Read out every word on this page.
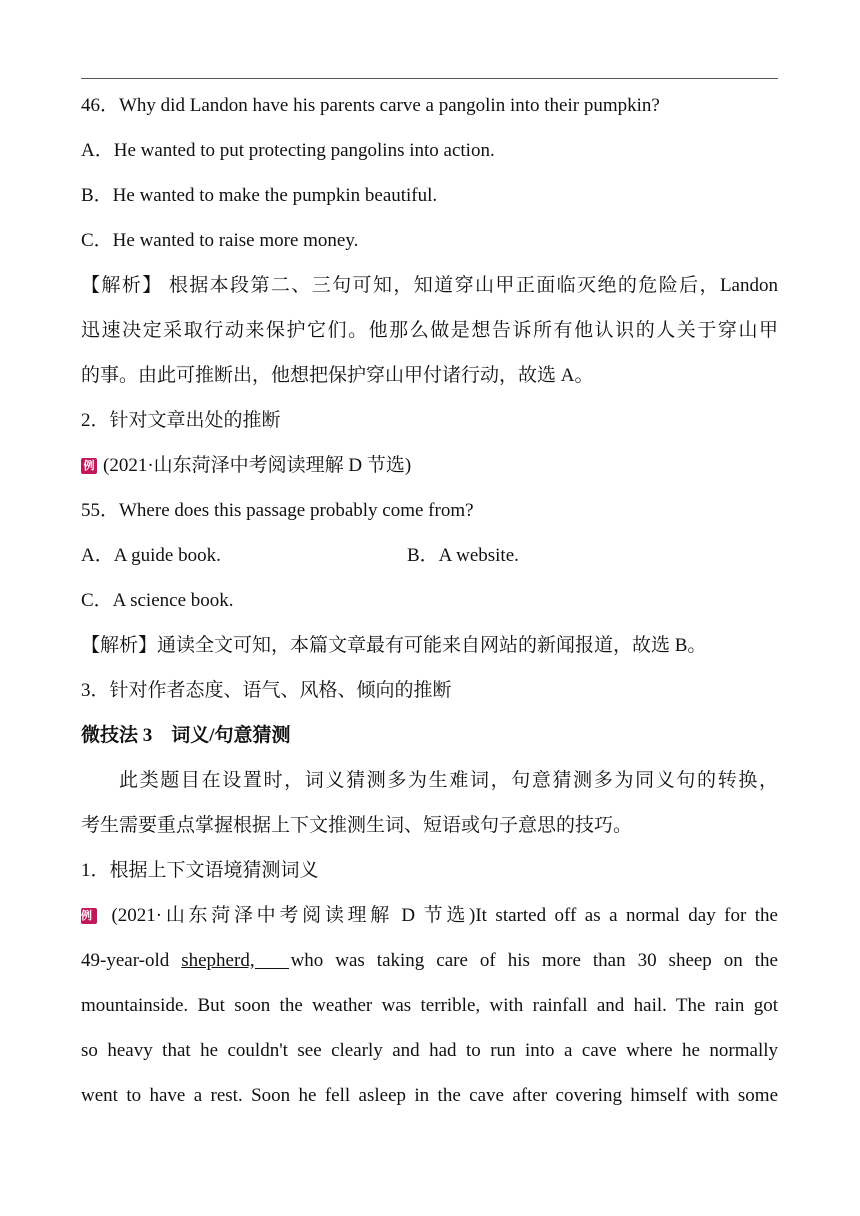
46．Why did Landon have his parents carve a pangolin into their pumpkin?
A．He wanted to put protecting pangolins into action.
B．He wanted to make the pumpkin beautiful.
C．He wanted to raise more money.
【解析】 根据本段第二、三句可知，知道穿山甲正面临灭绝的危险后，Landon
迅速决定采取行动来保护它们。他那么做是想告诉所有他认识的人关于穿山甲
的事。由此可推断出，他想把保护穿山甲付诸行动，故选 A。
2．针对文章出处的推断
例 (2021·山东菏泽中考阅读理解 D 节选)
55．Where does this passage probably come from?
A．A guide book.	B．A website.
C．A science book.
【解析】通读全文可知，本篇文章最有可能来自网站的新闻报道，故选 B。
3．针对作者态度、语气、风格、倾向的推断
微技法 3　词义/句意猜测
此类题目在设置时，词义猜测多为生难词，句意猜测多为同义句的转换，
考生需要重点掌握根据上下文推测生词、短语或句子意思的技巧。
1．根据上下文语境猜测词义
例 (2021·山东菏泽中考阅读理解 D 节选)It started off as a normal day for the
49-year-old shepherd, who was taking care of his more than 30 sheep on the
mountainside. But soon the weather was terrible, with rainfall and hail. The rain got
so heavy that he couldn't see clearly and had to run into a cave where he normally
went to have a rest. Soon he fell asleep in the cave after covering himself with some
